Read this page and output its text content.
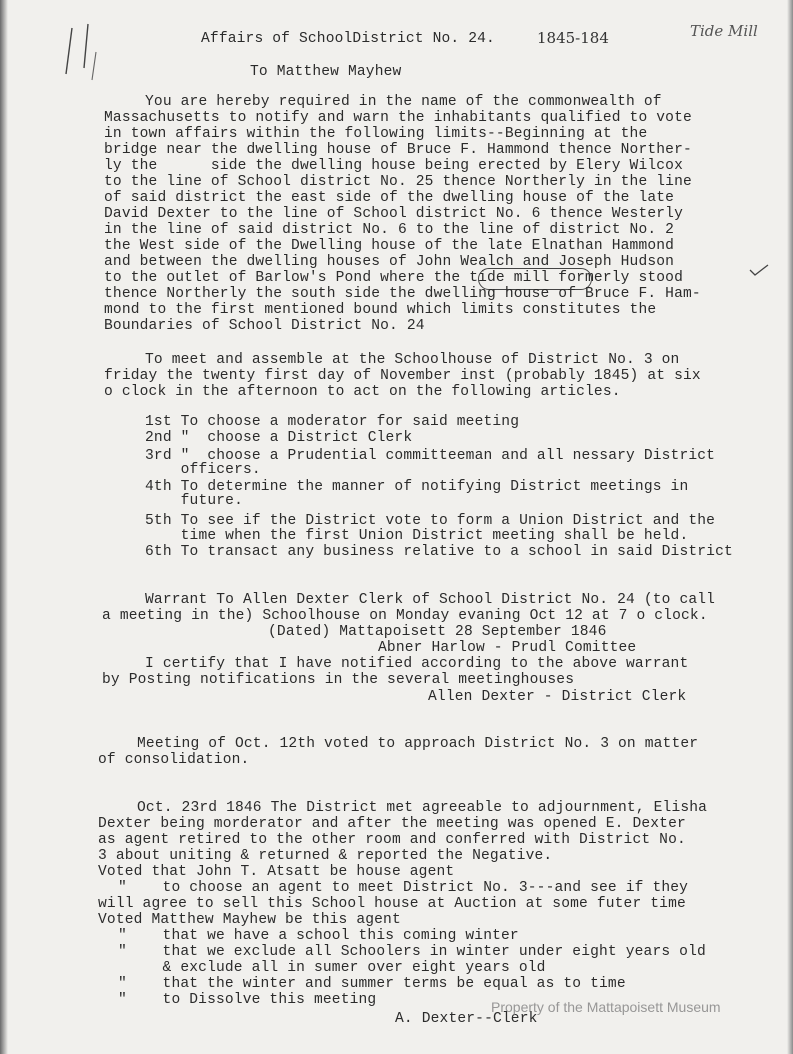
Affairs of SchoolDistrict No. 24.	1845-184	Tide Mill
To Matthew Mayhew
You are hereby required in the name of the commonwealth of
Massachusetts to notify and warn the inhabitants qualified to vote
in town affairs within the following limits--Beginning at the
bridge near the dwelling house of Bruce F. Hammond thence Norther-
ly the      side the dwelling house being erected by Elery Wilcox
to the line of School district No. 25 thence Northerly in the line
of said district the east side of the dwelling house of the late
David Dexter to the line of School district No. 6 thence Westerly
in the line of said district No. 6 to the line of district No. 2
the West side of the Dwelling house of the late Elnathan Hammond
and between the dwelling houses of John Wealch and Joseph Hudson
to the outlet of Barlow's Pond where the tide mill formerly stood
thence Northerly the south side the dwelling house of Bruce F. Ham-
mond to the first mentioned bound which limits constitutes the
Boundaries of School District No. 24
To meet and assemble at the Schoolhouse of District No. 3 on
friday the twenty first day of November inst (probably 1845) at six
o clock in the afternoon to act on the following articles.
1st To choose a moderator for said meeting
2nd "  choose a District Clerk
3rd "  choose a Prudential committeeman and all nessary District
officers.
4th To determine the manner of notifying District meetings in
future.
5th To see if the District vote to form a Union District and the
time when the first Union District meeting shall be held.
6th To transact any business relative to a school in said District
Warrant To Allen Dexter Clerk of School District No. 24 (to call
a meeting in the) Schoolhouse on Monday evaning Oct 12 at 7 o clock.
(Dated) Mattapoisett 28 September 1846
Abner Harlow - Prudl Comittee
I certify that I have notified according to the above warrant
by Posting notifications in the several meetinghouses
Allen Dexter - District Clerk
Meeting of Oct. 12th voted to approach District No. 3 on matter
of consolidation.
Oct. 23rd 1846 The District met agreeable to adjournment, Elisha
Dexter being morderator and after the meeting was opened E. Dexter
as agent retired to the other room and conferred with District No.
3 about uniting & returned & reported the Negative.
Voted that John T. Atsatt be house agent
"    to choose an agent to meet District No. 3---and see if they
will agree to sell this School house at Auction at some futer time
Voted Matthew Mayhew be this agent
"    that we have a school this coming winter
"    that we exclude all Schoolers in winter under eight years old
& exclude all in sumer over eight years old
"    that the winter and summer terms be equal as to time
"    to Dissolve this meeting
A. Dexter--Clerk
Property of the Mattapoisett Museum
